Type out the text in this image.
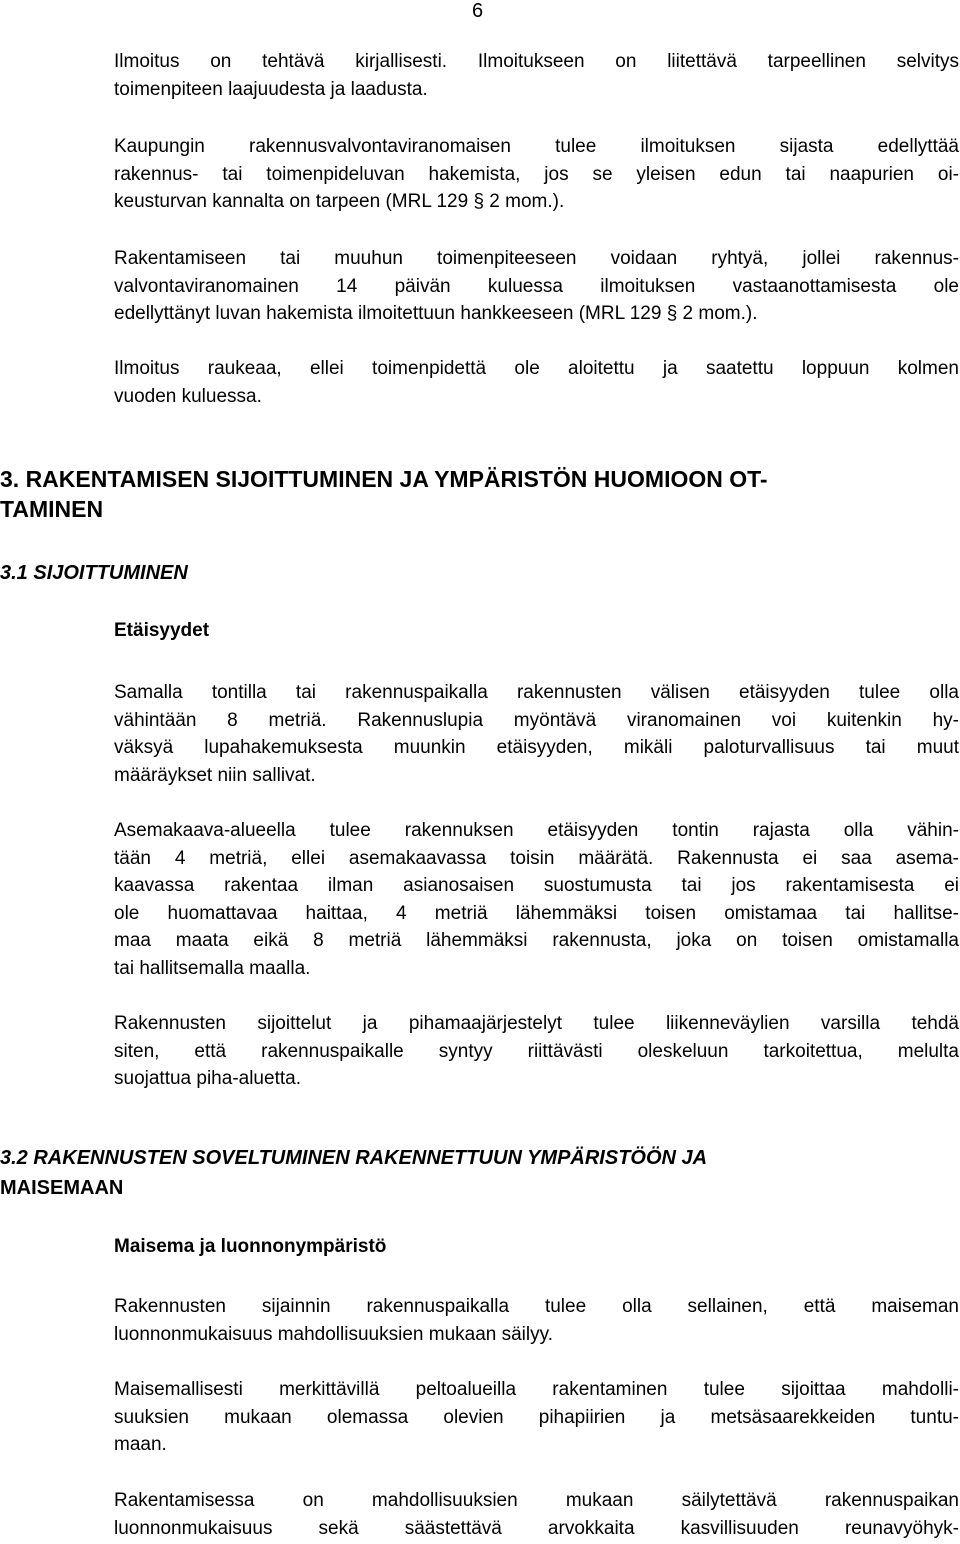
6
Ilmoitus on tehtävä kirjallisesti. Ilmoitukseen on liitettävä tarpeellinen selvitys
toimenpiteen laajuudesta ja laadusta.
Kaupungin rakennusvalvontaviranomaisen tulee ilmoituksen sijasta edellyttää
rakennus- tai toimenpideluvan hakemista, jos se yleisen edun tai naapurien oi-
keusturvan kannalta on tarpeen (MRL 129 § 2 mom.).
Rakentamiseen tai muuhun toimenpiteeseen voidaan ryhtyä, jollei rakennus-
valvontaviranomainen 14 päivän kuluessa ilmoituksen vastaanottamisesta ole
edellyttänyt luvan hakemista ilmoitettuun hankkeeseen (MRL 129 § 2 mom.).
Ilmoitus raukeaa, ellei toimenpidettä ole aloitettu ja saatettu loppuun kolmen
vuoden kuluessa.
3. RAKENTAMISEN SIJOITTUMINEN JA YMPÄRISTÖN HUOMIOON OT-
TAMINEN
3.1 SIJOITTUMINEN
Etäisyydet
Samalla tontilla tai rakennuspaikalla rakennusten välisen etäisyyden tulee olla
vähintään 8 metriä. Rakennuslupia myöntävä viranomainen voi kuitenkin hy-
väksyä lupahakemuksesta muunkin etäisyyden, mikäli paloturvallisuus tai muut
määräykset niin sallivat.
Asemakaava-alueella tulee rakennuksen etäisyyden tontin rajasta olla vähin-
tään 4 metriä, ellei asemakaavassa toisin määrätä. Rakennusta ei saa asema-
kaavassa rakentaa ilman asianosaisen suostumusta tai jos rakentamisesta ei
ole huomattavaa haittaa, 4 metriä lähemmäksi toisen omistamaa tai hallitse-
maa maata eikä 8 metriä lähemmäksi rakennusta, joka on toisen omistamalla
tai hallitsemalla maalla.
Rakennusten sijoittelut ja pihamaajärjestelyt tulee liikenneväylien varsilla tehdä
siten, että rakennuspaikalle syntyy riittävästi oleskeluun tarkoitettua, melulta
suojattua piha-aluetta.
3.2 RAKENNUSTEN SOVELTUMINEN RAKENNETTUUN YMPÄRISTÖÖN JA
MAISEMAAN
Maisema ja luonnonympäristö
Rakennusten sijainnin rakennuspaikalla tulee olla sellainen, että maiseman
luonnonmukaisuus mahdollisuuksien mukaan säilyy.
Maisemallisesti merkittävillä peltoalueilla rakentaminen tulee sijoittaa mahdolli-
suuksien mukaan olemassa olevien pihapiirien ja metsäsaarekkeiden tuntu-
maan.
Rakentamisessa on mahdollisuuksien mukaan säilytettävä rakennuspaikan
luonnonmukaisuus sekä säästettävä arvokkaita kasvillisuuden reunavyöhyk-
